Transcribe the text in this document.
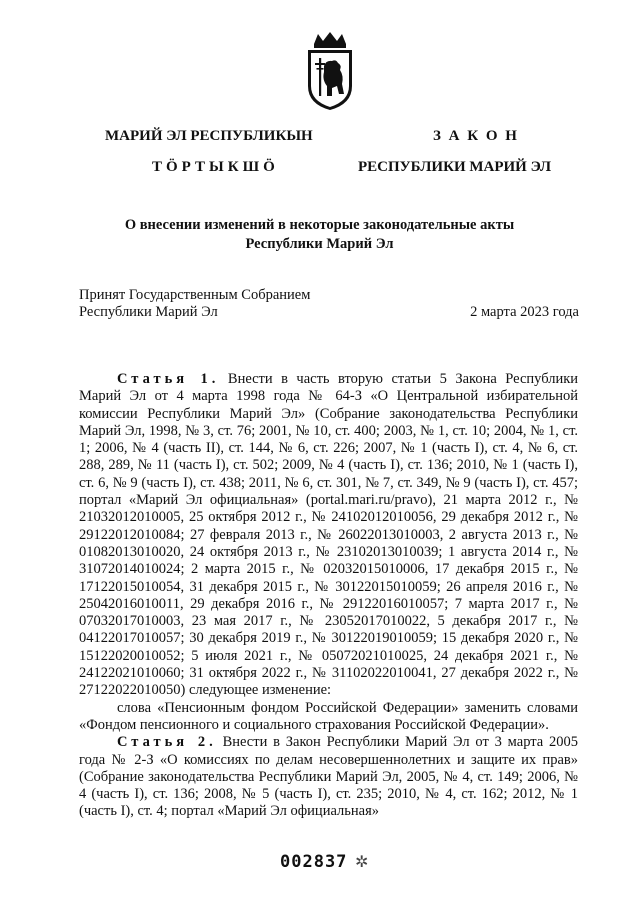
МАРИЙ ЭЛ РЕСПУБЛИКЫН
ТӦРТЫКШӦ
З А К О Н
РЕСПУБЛИКИ МАРИЙ ЭЛ
О внесении изменений в некоторые законодательные акты
Республики Марий Эл
Принят Государственным Собранием
Республики Марий Эл	2 марта 2023 года

Статья 1. Внести в часть вторую статьи 5 Закона Республики Марий Эл от 4 марта 1998 года № 64-З «О Центральной избирательной комиссии Республики Марий Эл» (Собрание законодательства Республики Марий Эл, 1998, № 3, ст. 76; 2001, № 10, ст. 400; 2003, № 1, ст. 10; 2004, № 1, ст. 1; 2006, № 4 (часть II), ст. 144, № 6, ст. 226; 2007, № 1 (часть I), ст. 4, № 6, ст. 288, 289, № 11 (часть I), ст. 502; 2009, № 4 (часть I), ст. 136; 2010, № 1 (часть I), ст. 6, № 9 (часть I), ст. 438; 2011, № 6, ст. 301, № 7, ст. 349, № 9 (часть I), ст. 457; портал «Марий Эл официальная» (portal.mari.ru/pravo), 21 марта 2012 г., № 21032012010005, 25 октября 2012 г., № 24102012010056, 29 декабря 2012 г., № 29122012010084; 27 февраля 2013 г., № 26022013010003, 2 августа 2013 г., № 01082013010020, 24 октября 2013 г., № 23102013010039; 1 августа 2014 г., № 31072014010024; 2 марта 2015 г., № 02032015010006, 17 декабря 2015 г., № 17122015010054, 31 декабря 2015 г., № 30122015010059; 26 апреля 2016 г., № 25042016010011, 29 декабря 2016 г., № 29122016010057; 7 марта 2017 г., № 07032017010003, 23 мая 2017 г., № 23052017010022, 5 декабря 2017 г., № 04122017010057; 30 декабря 2019 г., № 30122019010059; 15 декабря 2020 г., № 15122020010052; 5 июля 2021 г., № 05072021010025, 24 декабря 2021 г., № 24122021010060; 31 октября 2022 г., № 31102022010041, 27 декабря 2022 г., № 27122022010050) следующее изменение:

слова «Пенсионным фондом Российской Федерации» заменить словами «Фондом пенсионного и социального страхования Российской Федерации».

Статья 2. Внести в Закон Республики Марий Эл от 3 марта 2005 года № 2-З «О комиссиях по делам несовершеннолетних и защите их прав» (Собрание законодательства Республики Марий Эл, 2005, № 4, ст. 149; 2006, № 4 (часть I), ст. 136; 2008, № 5 (часть I), ст. 235; 2010, № 4, ст. 162; 2012, № 1 (часть I), ст. 4; портал «Марий Эл официальная»

002837 ✲
